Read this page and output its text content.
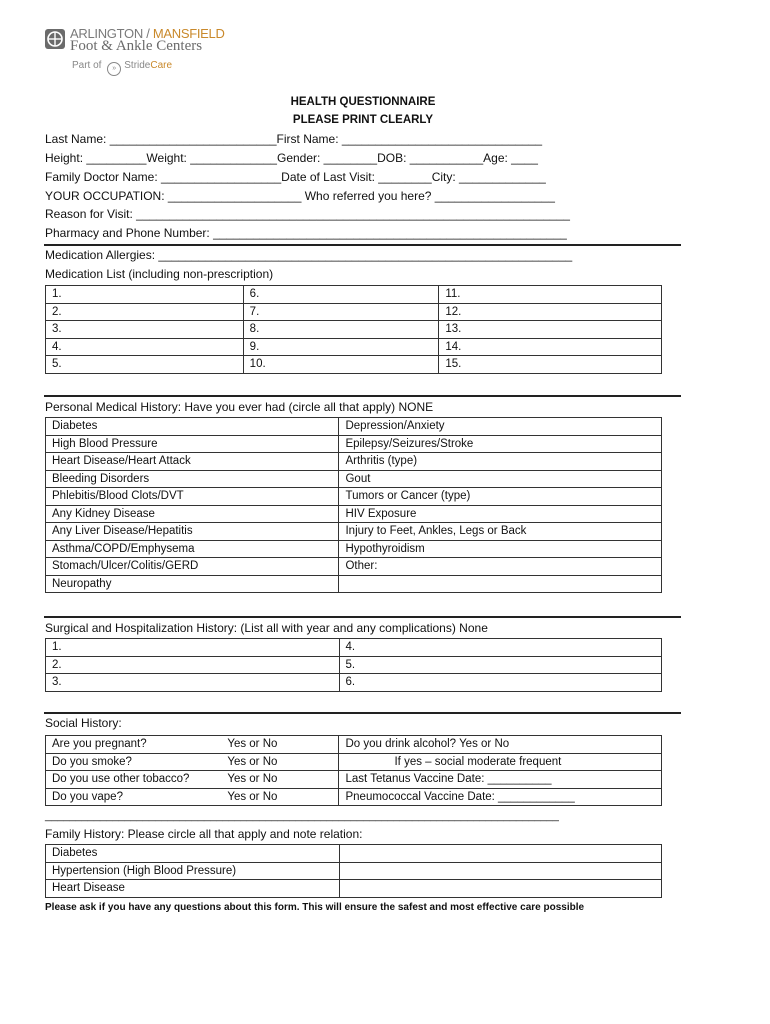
ARLINGTON / MANSFIELD
Foot & Ankle Centers
Part of » StrideCare
HEALTH QUESTIONNAIRE
PLEASE PRINT CLEARLY
Last Name: _________________________First Name: ______________________________
Height: _________Weight: _____________Gender: ________DOB: ___________Age: ____
Family Doctor Name: __________________Date of Last Visit: ________City: _____________
YOUR OCCUPATION: ____________________ Who referred you here? __________________
Reason for Visit: _________________________________________________________________
Pharmacy and Phone Number: _____________________________________________________
Medication Allergies: ______________________________________________________________
Medication List (including non-prescription)
1.	6.	11.
2.	7.	12.
3.	8.	13.
4.	9.	14.
5.	10.	15.
Personal Medical History: Have you ever had (circle all that apply) NONE
Diabetes	Depression/Anxiety
High Blood Pressure	Epilepsy/Seizures/Stroke
Heart Disease/Heart Attack	Arthritis (type)
Bleeding Disorders	Gout
Phlebitis/Blood Clots/DVT	Tumors or Cancer (type)
Any Kidney Disease	HIV Exposure
Any Liver Disease/Hepatitis	Injury to Feet, Ankles, Legs or Back
Asthma/COPD/Emphysema	Hypothyroidism
Stomach/Ulcer/Colitis/GERD	Other:
Neuropathy	
Surgical and Hospitalization History: (List all with year and any complications) None
1.	4.
2.	5.
3.	6.
Social History:
Are you pregnant?	Yes or No	Do you drink alcohol? Yes or No
Do you smoke?	Yes or No	If yes – social moderate frequent
Do you use other tobacco?	Yes or No	Last Tetanus Vaccine Date: __________
Do you vape?	Yes or No	Pneumococcal Vaccine Date: ____________
____________________________________________________________________________________
Family History: Please circle all that apply and note relation:
Diabetes	
Hypertension (High Blood Pressure)	
Heart Disease	
Please ask if you have any questions about this form. This will ensure the safest and most effective care possible
